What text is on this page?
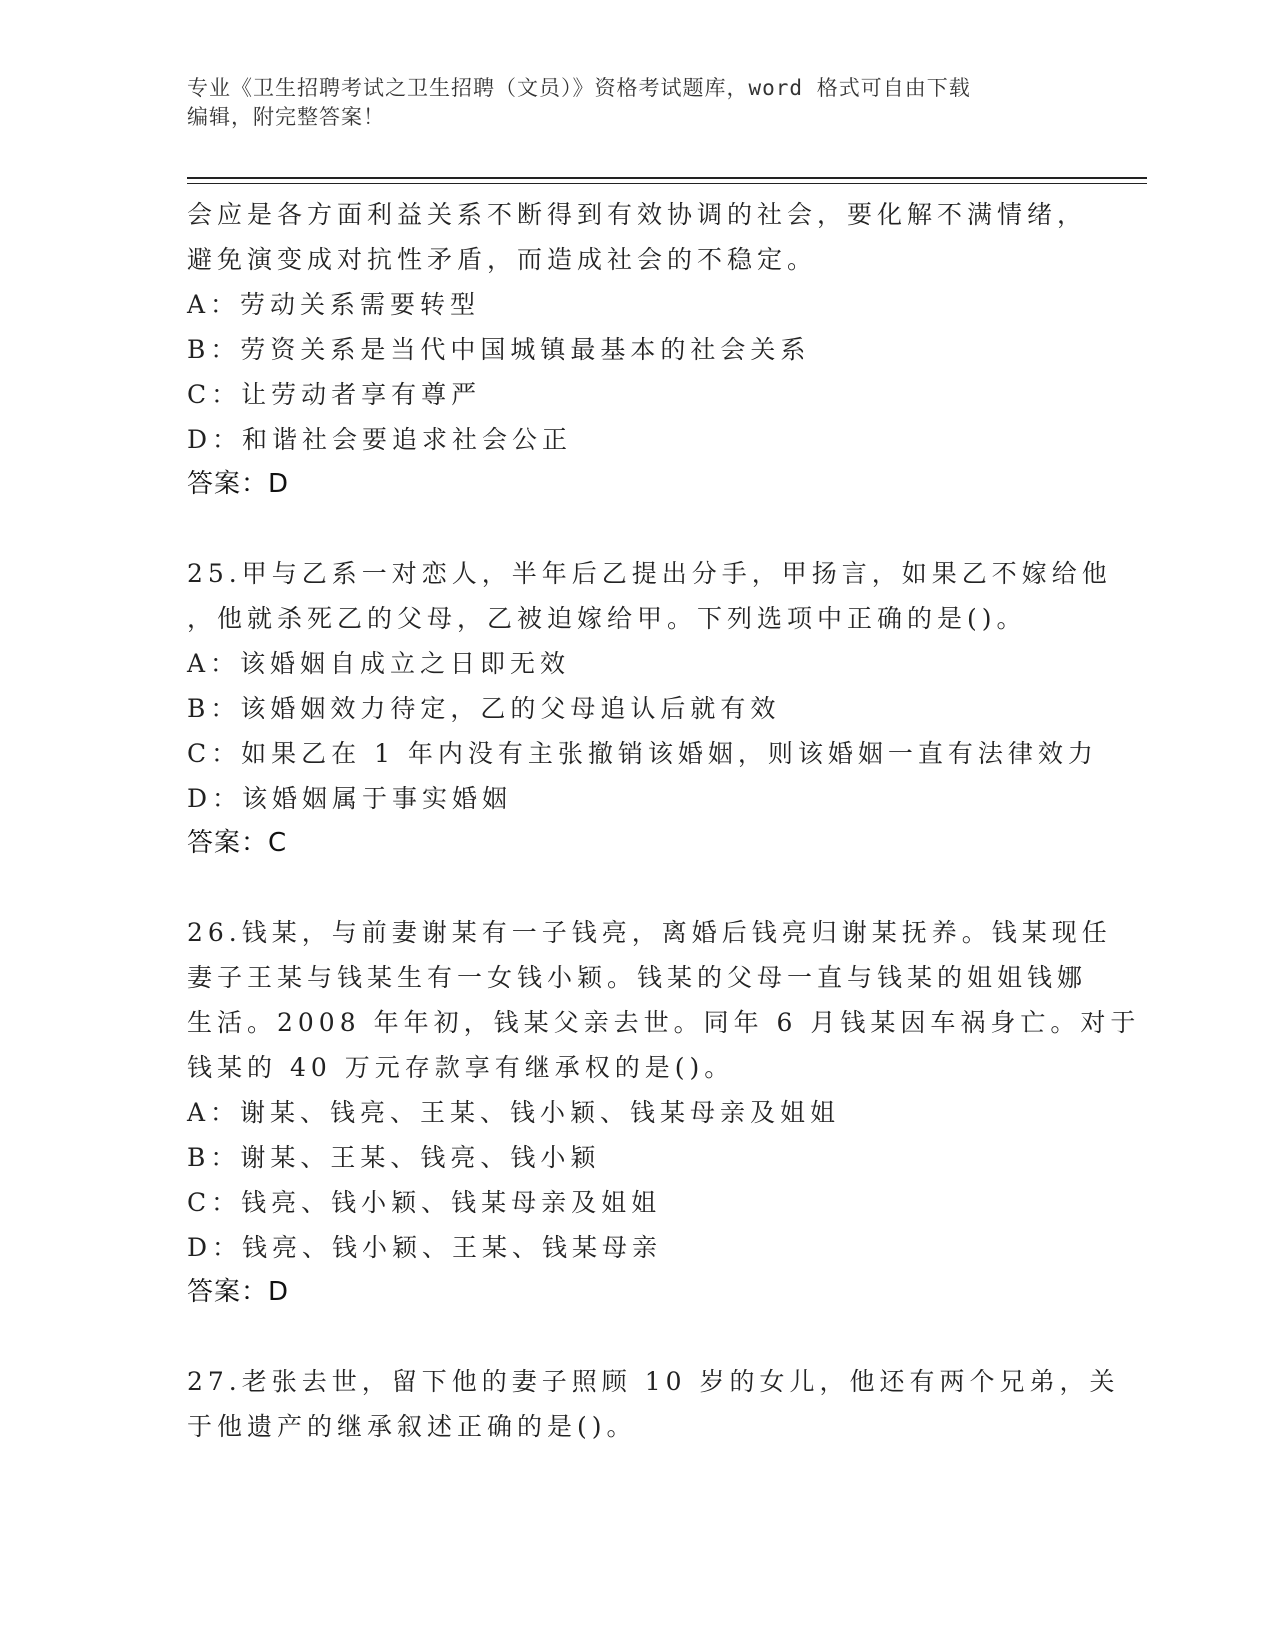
专业《卫生招聘考试之卫生招聘（文员）》资格考试题库，word 格式可自由下载
编辑，附完整答案！

会应是各方面利益关系不断得到有效协调的社会，要化解不满情绪，

避免演变成对抗性矛盾，而造成社会的不稳定。

A：劳动关系需要转型

B：劳资关系是当代中国城镇最基本的社会关系

C：让劳动者享有尊严

D：和谐社会要追求社会公正

答案：D

25.甲与乙系一对恋人，半年后乙提出分手，甲扬言，如果乙不嫁给他

，他就杀死乙的父母，乙被迫嫁给甲。下列选项中正确的是()。

A：该婚姻自成立之日即无效

B：该婚姻效力待定，乙的父母追认后就有效

C：如果乙在 1 年内没有主张撤销该婚姻，则该婚姻一直有法律效力

D：该婚姻属于事实婚姻

答案：C

26.钱某，与前妻谢某有一子钱亮，离婚后钱亮归谢某抚养。钱某现任

妻子王某与钱某生有一女钱小颖。钱某的父母一直与钱某的姐姐钱娜

生活。2008 年年初，钱某父亲去世。同年 6 月钱某因车祸身亡。对于

钱某的 40 万元存款享有继承权的是()。

A：谢某、钱亮、王某、钱小颖、钱某母亲及姐姐

B：谢某、王某、钱亮、钱小颖

C：钱亮、钱小颖、钱某母亲及姐姐

D：钱亮、钱小颖、王某、钱某母亲

答案：D

27.老张去世，留下他的妻子照顾 10 岁的女儿，他还有两个兄弟，关

于他遗产的继承叙述正确的是()。
